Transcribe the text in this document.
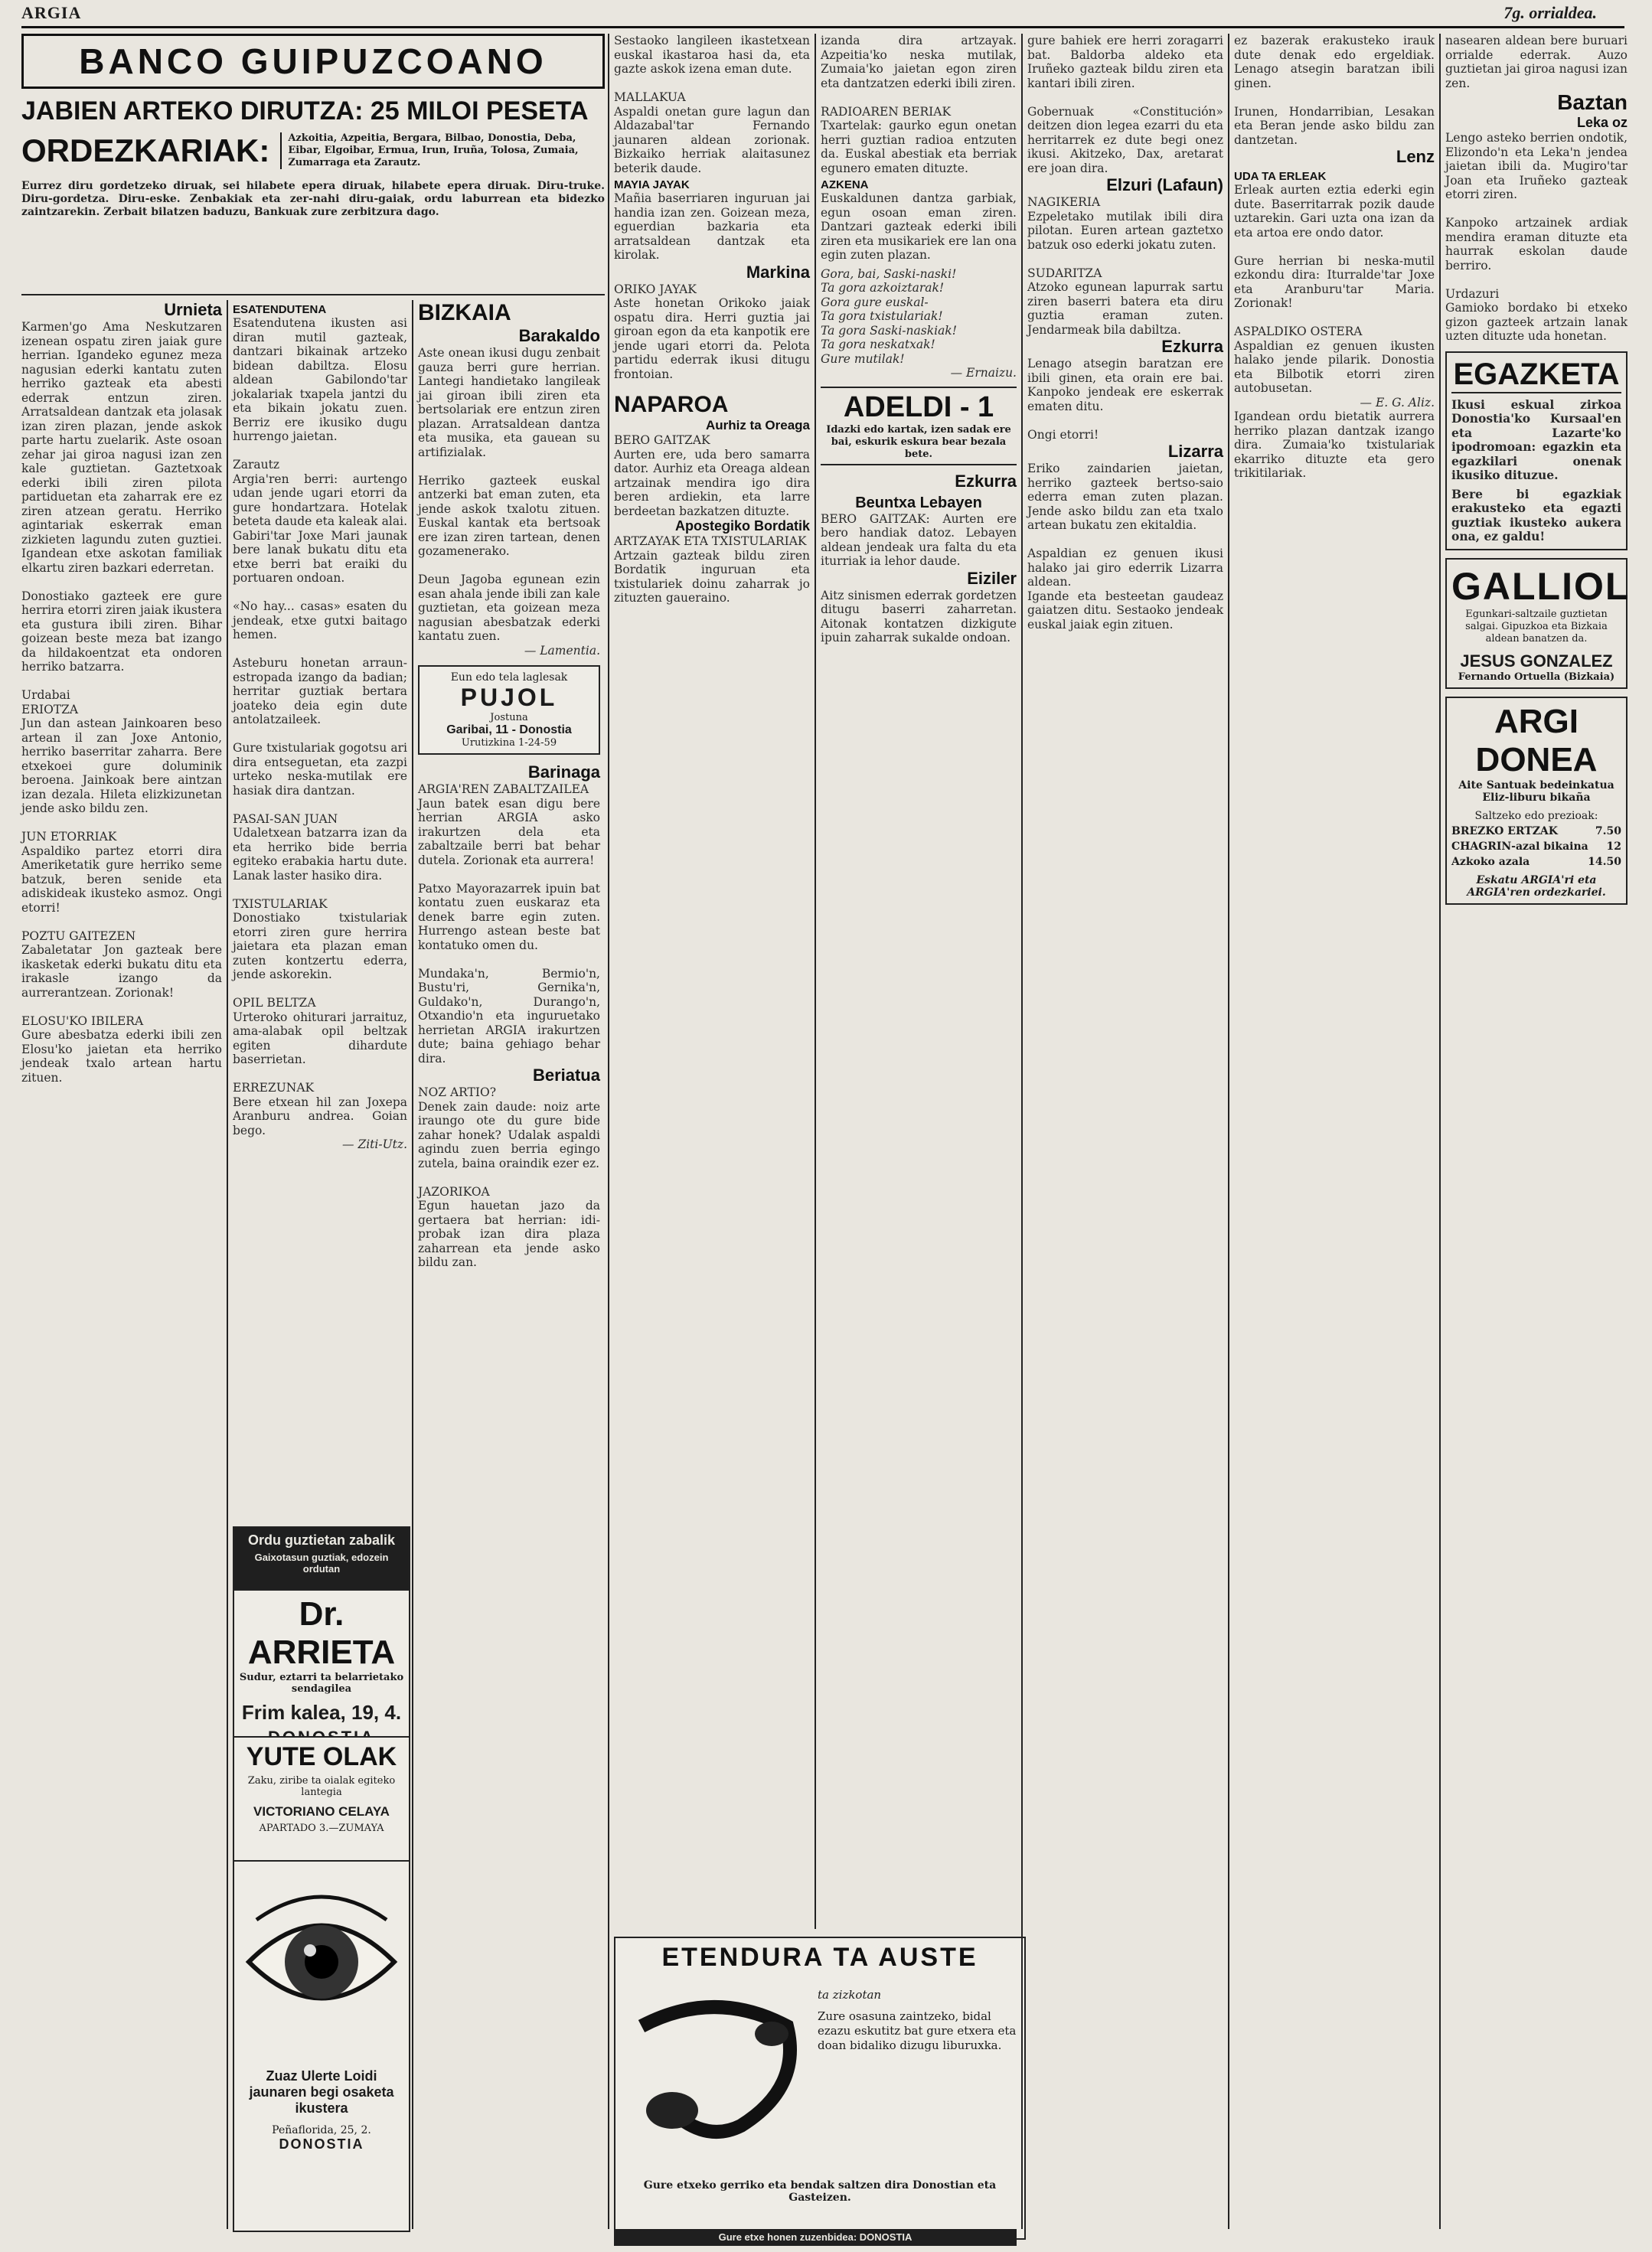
ARGIA	7g. orrialdea.
BANCO GUIPUZCOANO
JABIEN ARTEKO DIRUTZA: 25 MILOI PESETA
ORDEZKARIAK:	Azkoitia, Azpeitia, Bergara, Bilbao, Donostia, Deba, Eibar, Elgoibar, Ermua, Irun, Iruña, Tolosa, Zumaia, Zumarraga eta Zarautz.
Eurrez diru gordetzeko diruak, sei hilabete epera diruak, hilabete epera diruak. Diru-truke. Diru-gordetza. Diru-eske. Zenbakiak eta zer-nahi diru-gaiak, ordu laburrean eta bidezko zaintzarekin. Zerbait bilatzen baduzu, Bankuak zure zerbitzura dago.
Urnieta
Karmen'go Ama Neskutzaren izenean ospatu ziren jaiak gure herrian. Igandeko egunez meza nagusian ederki kantatu zuten herriko gazteak eta abesti ederrak entzun ziren. Arratsaldean dantzak eta jolasak izan ziren plazan, jende askok parte hartu zuelarik. Aste osoan zehar jai giroa nagusi izan zen kale guztietan. Gaztetxoak ederki ibili ziren pilota partiduetan eta zaharrak ere ez ziren atzean geratu. Herriko agintariak eskerrak eman zizkieten lagundu zuten guztiei. Igandean etxe askotan familiak elkartu ziren bazkari ederretan.

Donostiako gazteek ere gure herrira etorri ziren jaiak ikustera eta gustura ibili ziren. Bihar goizean beste meza bat izango da hildakoentzat eta ondoren herriko batzarra.

Urdabai
ERIOTZA
Jun dan astean Jainkoaren beso artean il zan Joxe Antonio, herriko baserritar zaharra. Bere etxekoei gure doluminik beroena. Jainkoak bere aintzan izan dezala. Hileta elizkizunetan jende asko bildu zen.

JUN ETORRIAK
Aspaldiko partez etorri dira Ameriketatik gure herriko seme batzuk, beren senide eta adiskideak ikusteko asmoz. Ongi etorri!

POZTU GAITEZEN
Zabaletatar Jon gazteak bere ikasketak ederki bukatu ditu eta irakasle izango da aurrerantzean. Zorionak!

ELOSU'KO IBILERA
Gure abesbatza ederki ibili zen Elosu'ko jaietan eta herriko jendeak txalo artean hartu zituen.
ESATENDUTENA
Esatendutena ikusten asi diran mutil gazteak, dantzari bikainak artzeko bidean dabiltza. Elosu aldean Gabilondo'tar jokalariak txapela jantzi du eta bikain jokatu zuen. Berriz ere ikusiko dugu hurrengo jaietan.

Zarautz
Argia'ren berri: aurtengo udan jende ugari etorri da gure hondartzara. Hotelak beteta daude eta kaleak alai. Gabiri'tar Joxe Mari jaunak bere lanak bukatu ditu eta etxe berri bat eraiki du portuaren ondoan.

«No hay... casas» esaten du jendeak, etxe gutxi baitago hemen.

Asteburu honetan arraun-estropada izango da badian; herritar guztiak bertara joateko deia egin dute antolatzaileek.

Gure txistulariak gogotsu ari dira entseguetan, eta zazpi urteko neska-mutilak ere hasiak dira dantzan.

PASAI-SAN JUAN
Udaletxean batzarra izan da eta herriko bide berria egiteko erabakia hartu dute. Lanak laster hasiko dira.

TXISTULARIAK
Donostiako txistulariak etorri ziren gure herrira jaietara eta plazan eman zuten kontzertu ederra, jende askorekin.

OPIL BELTZA
Urteroko ohiturari jarraituz, ama-alabak opil beltzak egiten dihardute baserrietan.

ERREZUNAK
Bere etxean hil zan Joxepa Aranburu andrea. Goian bego.
— Ziti-Utz.
Ordu guztietan zabalik
Gaixotasun guztiak, edozein ordutan
Dr. ARRIETA
Sudur, eztarri ta belarrietako sendagilea
Frim kalea, 19, 4.
YUTE OLAK
Zaku, ziribe ta oialak egiteko lantegia
VICTORIANO CELAYA
APARTADO 3.—ZUMAYA
Zuaz Ulerte Loidi jaunaren begi osaketa ikustera
Peñaflorida, 25, 2.
DONOSTIA
BIZKAIA
Barakaldo
Aste onean ikusi dugu zenbait gauza berri gure herrian. Lantegi handietako langileak jai giroan ibili ziren eta bertsolariak ere entzun ziren plazan. Arratsaldean dantza eta musika, eta gauean su artifizialak.

Herriko gazteek euskal antzerki bat eman zuten, eta jende askok txalotu zituen. Euskal kantak eta bertsoak ere izan ziren tartean, denen gozamenerako.

Deun Jagoba egunean ezin esan ahala jende ibili zan kale guztietan, eta goizean meza nagusian abesbatzak ederki kantatu zuen.
— Lamentia.
Eun edo tela laglesak
PUJOL
Jostuna
Garibai, 11 - Donostia
Urutizkina 1-24-59
Barinaga
ARGIA'REN ZABALTZAILEA
Jaun batek esan digu bere herrian ARGIA asko irakurtzen dela eta zabaltzaile berri bat behar dutela. Zorionak eta aurrera!

Patxo Mayorazarrek ipuin bat kontatu zuen euskaraz eta denek barre egin zuten. Hurrengo astean beste bat kontatuko omen du.

Mundaka'n, Bermio'n, Bustu'ri, Gernika'n, Guldako'n, Durango'n, Otxandio'n eta inguruetako herrietan ARGIA irakurtzen dute; baina gehiago behar dira.
Beriatua
NOZ ARTIO?
Denek zain daude: noiz arte iraungo ote du gure bide zahar honek? Udalak aspaldi agindu zuen berria egingo zutela, baina oraindik ezer ez.

JAZORIKOA
Egun hauetan jazo da gertaera bat herrian: idi-probak izan dira plaza zaharrean eta jende asko bildu zan.
Sestaoko langileen ikastetxean euskal ikastaroa hasi da, eta gazte askok izena eman dute.

MALLAKUA
Aspaldi onetan gure lagun dan Aldazabal'tar Fernando jaunaren aldean zorionak. Bizkaiko herriak alaitasunez beterik daude.
MAYIA JAYAK
Mañia baserriaren inguruan jai handia izan zen. Goizean meza, eguerdian bazkaria eta arratsaldean dantzak eta kirolak.
Markina
ORIKO JAYAK
Aste honetan Orikoko jaiak ospatu dira. Herri guztia jai giroan egon da eta kanpotik ere jende ugari etorri da. Pelota partidu ederrak ikusi ditugu frontoian.
NAPAROA
Aurhiz ta Oreaga
BERO GAITZAK
Aurten ere, uda bero samarra dator. Aurhiz eta Oreaga aldean artzainak mendira igo dira beren ardiekin, eta larre berdeetan bazkatzen dituzte.
Apostegiko Bordatik
ARTZAYAK ETA TXISTULARIAK
Artzain gazteak bildu ziren Bordatik inguruan eta txistulariek doinu zaharrak jo zituzten gaueraino.
izanda dira artzayak. Azpeitia'ko neska mutilak, Zumaia'ko jaietan egon ziren eta dantzatzen ederki ibili ziren.

RADIOAREN BERIAK
Txartelak: gaurko egun onetan herri guztian radioa entzuten da. Euskal abestiak eta berriak egunero ematen dituzte.
AZKENA
Euskaldunen dantza garbiak, egun osoan eman ziren. Dantzari gazteak ederki ibili ziren eta musikariek ere lan ona egin zuten plazan.
Gora, bai, Saski-naski!
Ta gora azkoiztarak!
Gora gure euskal-
Ta gora txistulariak!
Ta gora Saski-naskiak!
Ta gora neskatxak!
Gure mutilak!
— Ernaizu.
ADELDI - 1
Idazki edo kartak, izen sadak ere bai, eskurik eskura bear bezala bete.
Ezkurra
Beuntxa Lebayen
BERO GAITZAK: Aurten ere bero handiak datoz. Lebayen aldean jendeak ura falta du eta iturriak ia lehor daude.
Eiziler
Aitz sinismen ederrak gordetzen ditugu baserri zaharretan. Aitonak kontatzen dizkigute ipuin zaharrak sukalde ondoan.
ETENDURA TA AUSTE
ta zizkotan
Zure osasuna zaintzeko, bidal ezazu eskutitz bat gure etxera eta doan bidaliko dizugu liburuxka.
Gure etxeko gerriko eta bendak saltzen dira Donostian eta Gasteizen.
gure bahiek ere herri zoragarri bat. Baldorba aldeko eta Iruñeko gazteak bildu ziren eta kantari ibili ziren.

Gobernuak «Constitución» deitzen dion legea ezarri du eta herritarrek ez dute begi onez ikusi. Akitzeko, Dax, aretarat ere joan dira.
Elzuri (Lafaun)
NAGIKERIA
Ezpeletako mutilak ibili dira pilotan. Euren artean gaztetxo batzuk oso ederki jokatu zuten.

SUDARITZA
Atzoko egunean lapurrak sartu ziren baserri batera eta diru guztia eraman zuten. Jendarmeak bila dabiltza.
Ezkurra
Lenago atsegin baratzan ere ibili ginen, eta orain ere bai. Kanpoko jendeak ere eskerrak ematen ditu.

Ongi etorri!
Lizarra
Eriko zaindarien jaietan, herriko gazteek bertso-saio ederra eman zuten plazan. Jende asko bildu zan eta txalo artean bukatu zen ekitaldia.

Aspaldian ez genuen ikusi halako jai giro ederrik Lizarra aldean.
Igande eta besteetan gaudeaz gaiatzen ditu. Sestaoko jendeak euskal jaiak egin zituen.
ez bazerak erakusteko irauk dute denak edo ergeldiak. Lenago atsegin baratzan ibili ginen.

Irunen, Hondarribian, Lesakan eta Beran jende asko bildu zan dantzetan.
Lenz
UDA TA ERLEAK
Erleak aurten eztia ederki egin dute. Baserritarrak pozik daude uztarekin. Gari uzta ona izan da eta artoa ere ondo dator.

Gure herrian bi neska-mutil ezkondu dira: Iturralde'tar Joxe eta Aranburu'tar Maria. Zorionak!

ASPALDIKO OSTERA
Aspaldian ez genuen ikusten halako jende pilarik. Donostia eta Bilbotik etorri ziren autobusetan.
— E. G. Aliz.
Igandean ordu bietatik aurrera herriko plazan dantzak izango dira. Zumaia'ko txistulariak ekarriko dituzte eta gero trikitilariak.
nasearen aldean bere buruari orrialde ederrak. Auzo guztietan jai giroa nagusi izan zen.
Baztan
Leka oz
Lengo asteko berrien ondotik, Elizondo'n eta Leka'n jendea jaietan ibili da. Mugiro'tar Joan eta Iruñeko gazteak etorri ziren.

Kanpoko artzainek ardiak mendira eraman dituzte eta haurrak eskolan daude berriro.

Urdazuri
Gamioko bordako bi etxeko gizon gazteek artzain lanak uzten dituzte uda honetan.
EGAZKETA
Ikusi eskual zirkoa Donostia'ko Kursaal'en eta Lazarte'ko ipodromoan: egazkin eta egazkilari onenak ikusiko dituzue.
Bere bi egazkiak erakusteko eta egazti guztiak ikusteko aukera ona, ez galdu!
GALLIOL
Egunkari-saltzaile guztietan salgai. Gipuzkoa eta Bizkaia aldean banatzen da.
JESUS GONZALEZ
Fernando Ortuella (Bizkaia)
ARGI DONEA
Aite Santuak bedeinkatua
Eliz-liburu bikaña
Saltzeko edo prezioak:
BREZKO ERTZAK	7.50
CHAGRIN-azal bikaina 12
Azkoko azala	14.50
Eskatu ARGIA'ri eta ARGIA'ren ordezkariei.
Gure etxe honen zuzenbidea: DONOSTIA
